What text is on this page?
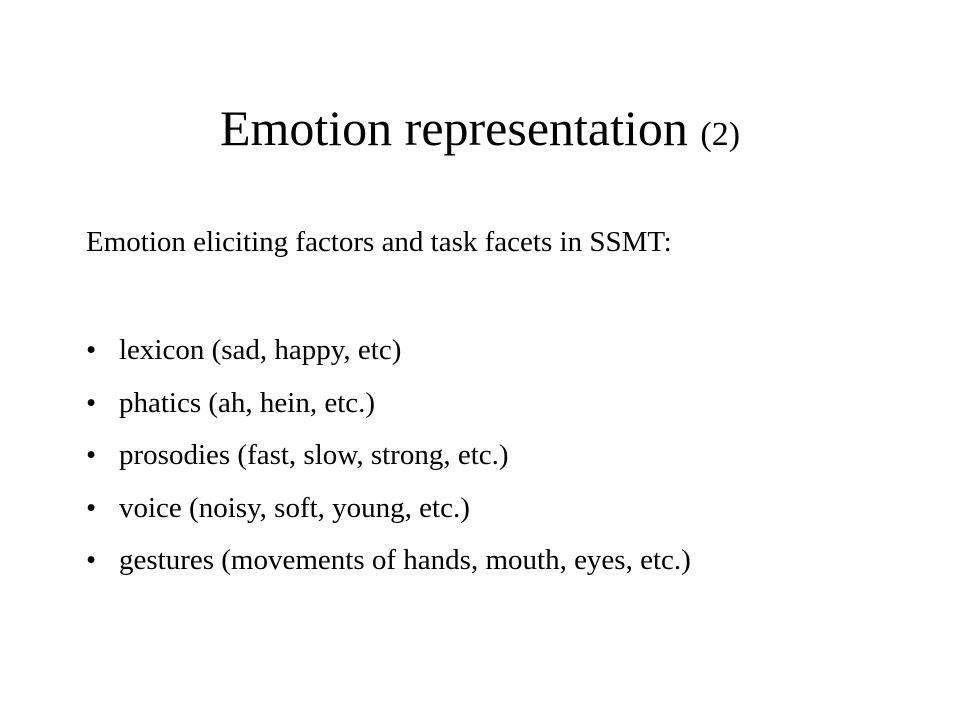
Emotion representation (2)
Emotion eliciting factors and task facets in SSMT:
• lexicon (sad, happy, etc)
• phatics (ah, hein, etc.)
• prosodies (fast, slow, strong, etc.)
• voice (noisy, soft, young, etc.)
• gestures (movements of hands, mouth, eyes, etc.)
